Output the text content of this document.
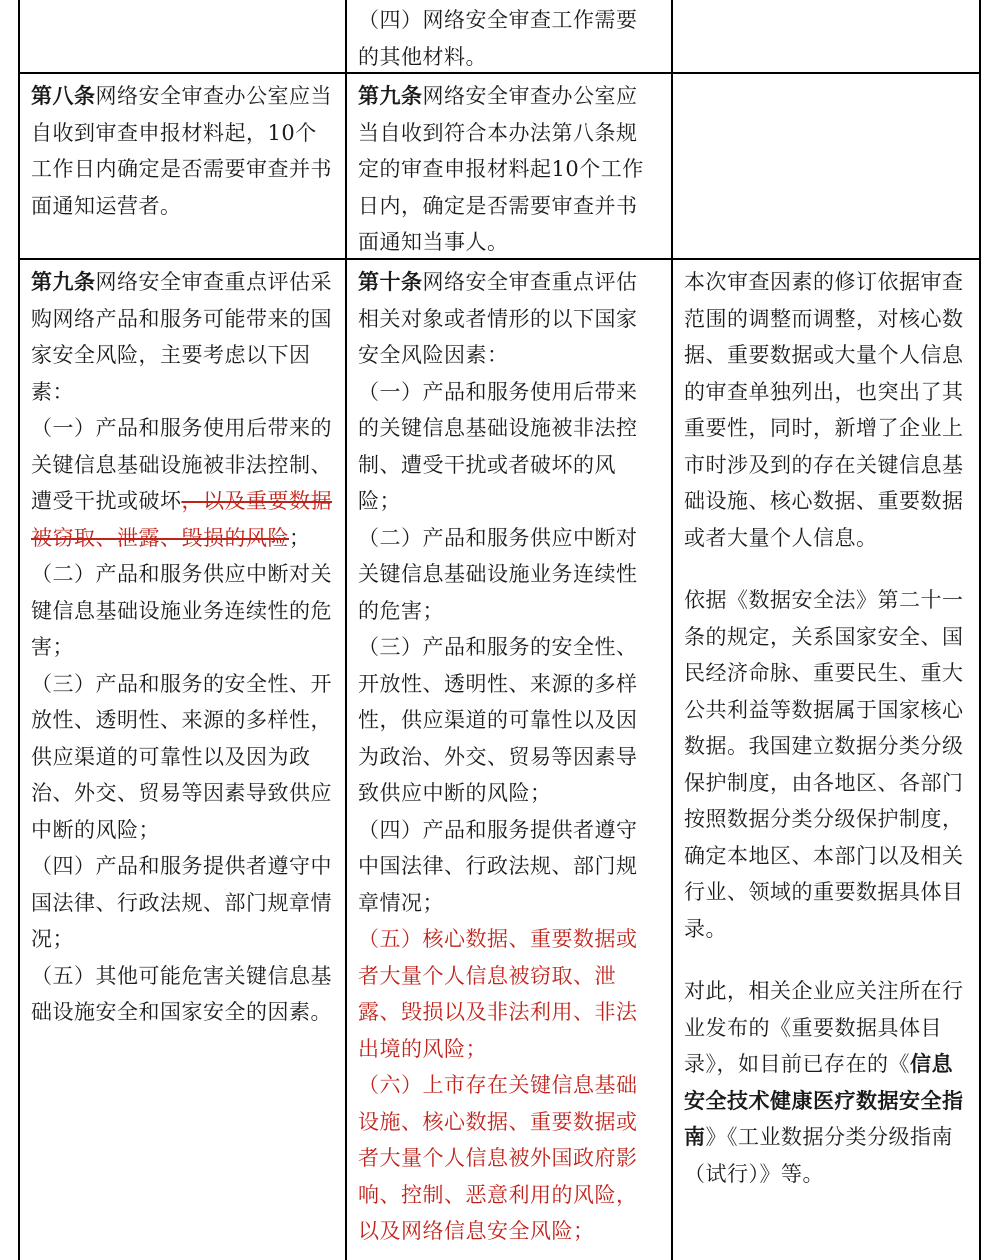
（四）网络安全审查工作需要

的其他材料。

第八条网络安全审查办公室应当自收到审查申报材料起，10个工作日内确定是否需要审查并书面通知运营者。

第九条网络安全审查办公室应当自收到符合本办法第八条规定的审查申报材料起10个工作日内，确定是否需要审查并书面通知当事人。

第九条网络安全审查重点评估采购网络产品和服务可能带来的国家安全风险，主要考虑以下因素：

（一）产品和服务使用后带来的关键信息基础设施被非法控制、遭受干扰或破坏，以及重要数据被窃取、泄露、毁损的风险；

（二）产品和服务供应中断对关键信息基础设施业务连续性的危害；

（三）产品和服务的安全性、开放性、透明性、来源的多样性，供应渠道的可靠性以及因为政治、外交、贸易等因素导致供应中断的风险；

（四）产品和服务提供者遵守中国法律、行政法规、部门规章情况；

（五）其他可能危害关键信息基础设施安全和国家安全的因素。

第十条网络安全审查重点评估相关对象或者情形的以下国家安全风险因素：

（一）产品和服务使用后带来的关键信息基础设施被非法控制、遭受干扰或者破坏的风险；

（二）产品和服务供应中断对关键信息基础设施业务连续性的危害；

（三）产品和服务的安全性、开放性、透明性、来源的多样性，供应渠道的可靠性以及因为政治、外交、贸易等因素导致供应中断的风险；

（四）产品和服务提供者遵守中国法律、行政法规、部门规章情况；

（五）核心数据、重要数据或者大量个人信息被窃取、泄露、毁损以及非法利用、非法出境的风险；

（六）上市存在关键信息基础设施、核心数据、重要数据或者大量个人信息被外国政府影响、控制、恶意利用的风险，以及网络信息安全风险；

本次审查因素的修订依据审查范围的调整而调整，对核心数据、重要数据或大量个人信息的审查单独列出，也突出了其重要性，同时，新增了企业上市时涉及到的存在关键信息基础设施、核心数据、重要数据或者大量个人信息。

依据《数据安全法》第二十一条的规定，关系国家安全、国民经济命脉、重要民生、重大公共利益等数据属于国家核心数据。我国建立数据分类分级保护制度，由各地区、各部门按照数据分类分级保护制度，确定本地区、本部门以及相关行业、领域的重要数据具体目录。

对此，相关企业应关注所在行业发布的《重要数据具体目录》，如目前已存在的《信息安全技术健康医疗数据安全指南》《工业数据分类分级指南（试行）》等。
